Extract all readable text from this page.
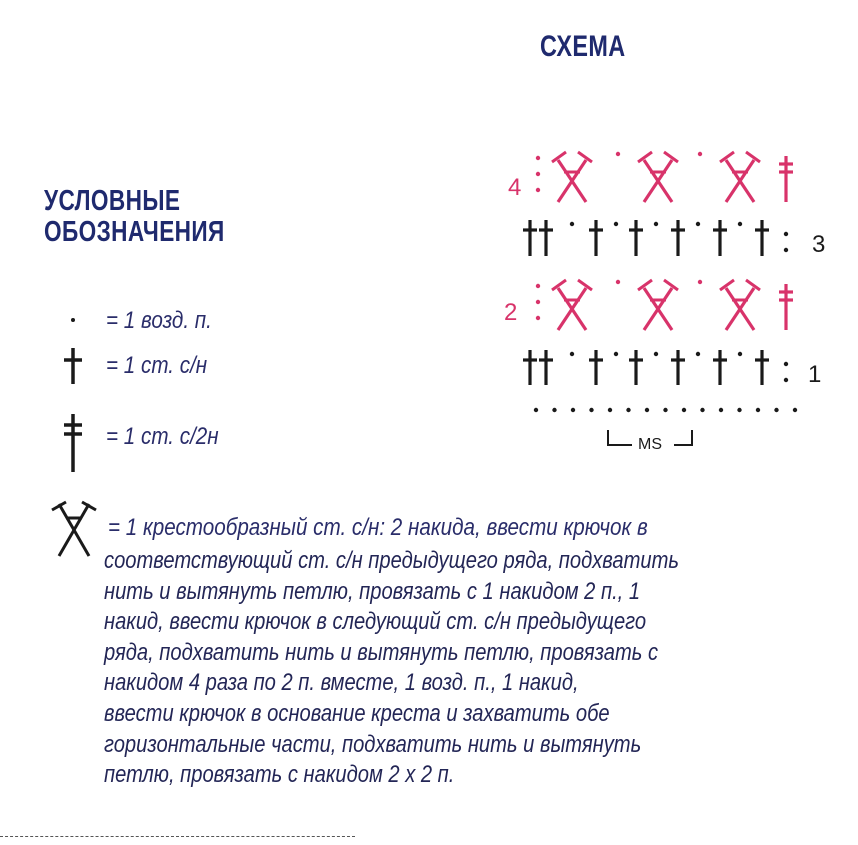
СХЕМА
УСЛОВНЫЕ
ОБОЗНАЧЕНИЯ
= 1 возд. п.
= 1 ст. с/н
= 1 ст. с/2н
= 1 крестообразный ст. с/н: 2 накида, ввести крючок в
соответствующий ст. с/н предыдущего ряда, подхватить
нить и вытянуть петлю, провязать с 1 накидом 2 п., 1
накид, ввести крючок в следующий ст. с/н предыдущего
ряда, подхватить нить и вытянуть петлю, провязать с
накидом 4 раза по 2 п. вместе, 1 возд. п., 1 накид,
ввести крючок в основание креста и захватить обе
горизонтальные части, подхватить нить и вытянуть
петлю, провязать с накидом 2 х 2 п.
4
2
3
1
MS
